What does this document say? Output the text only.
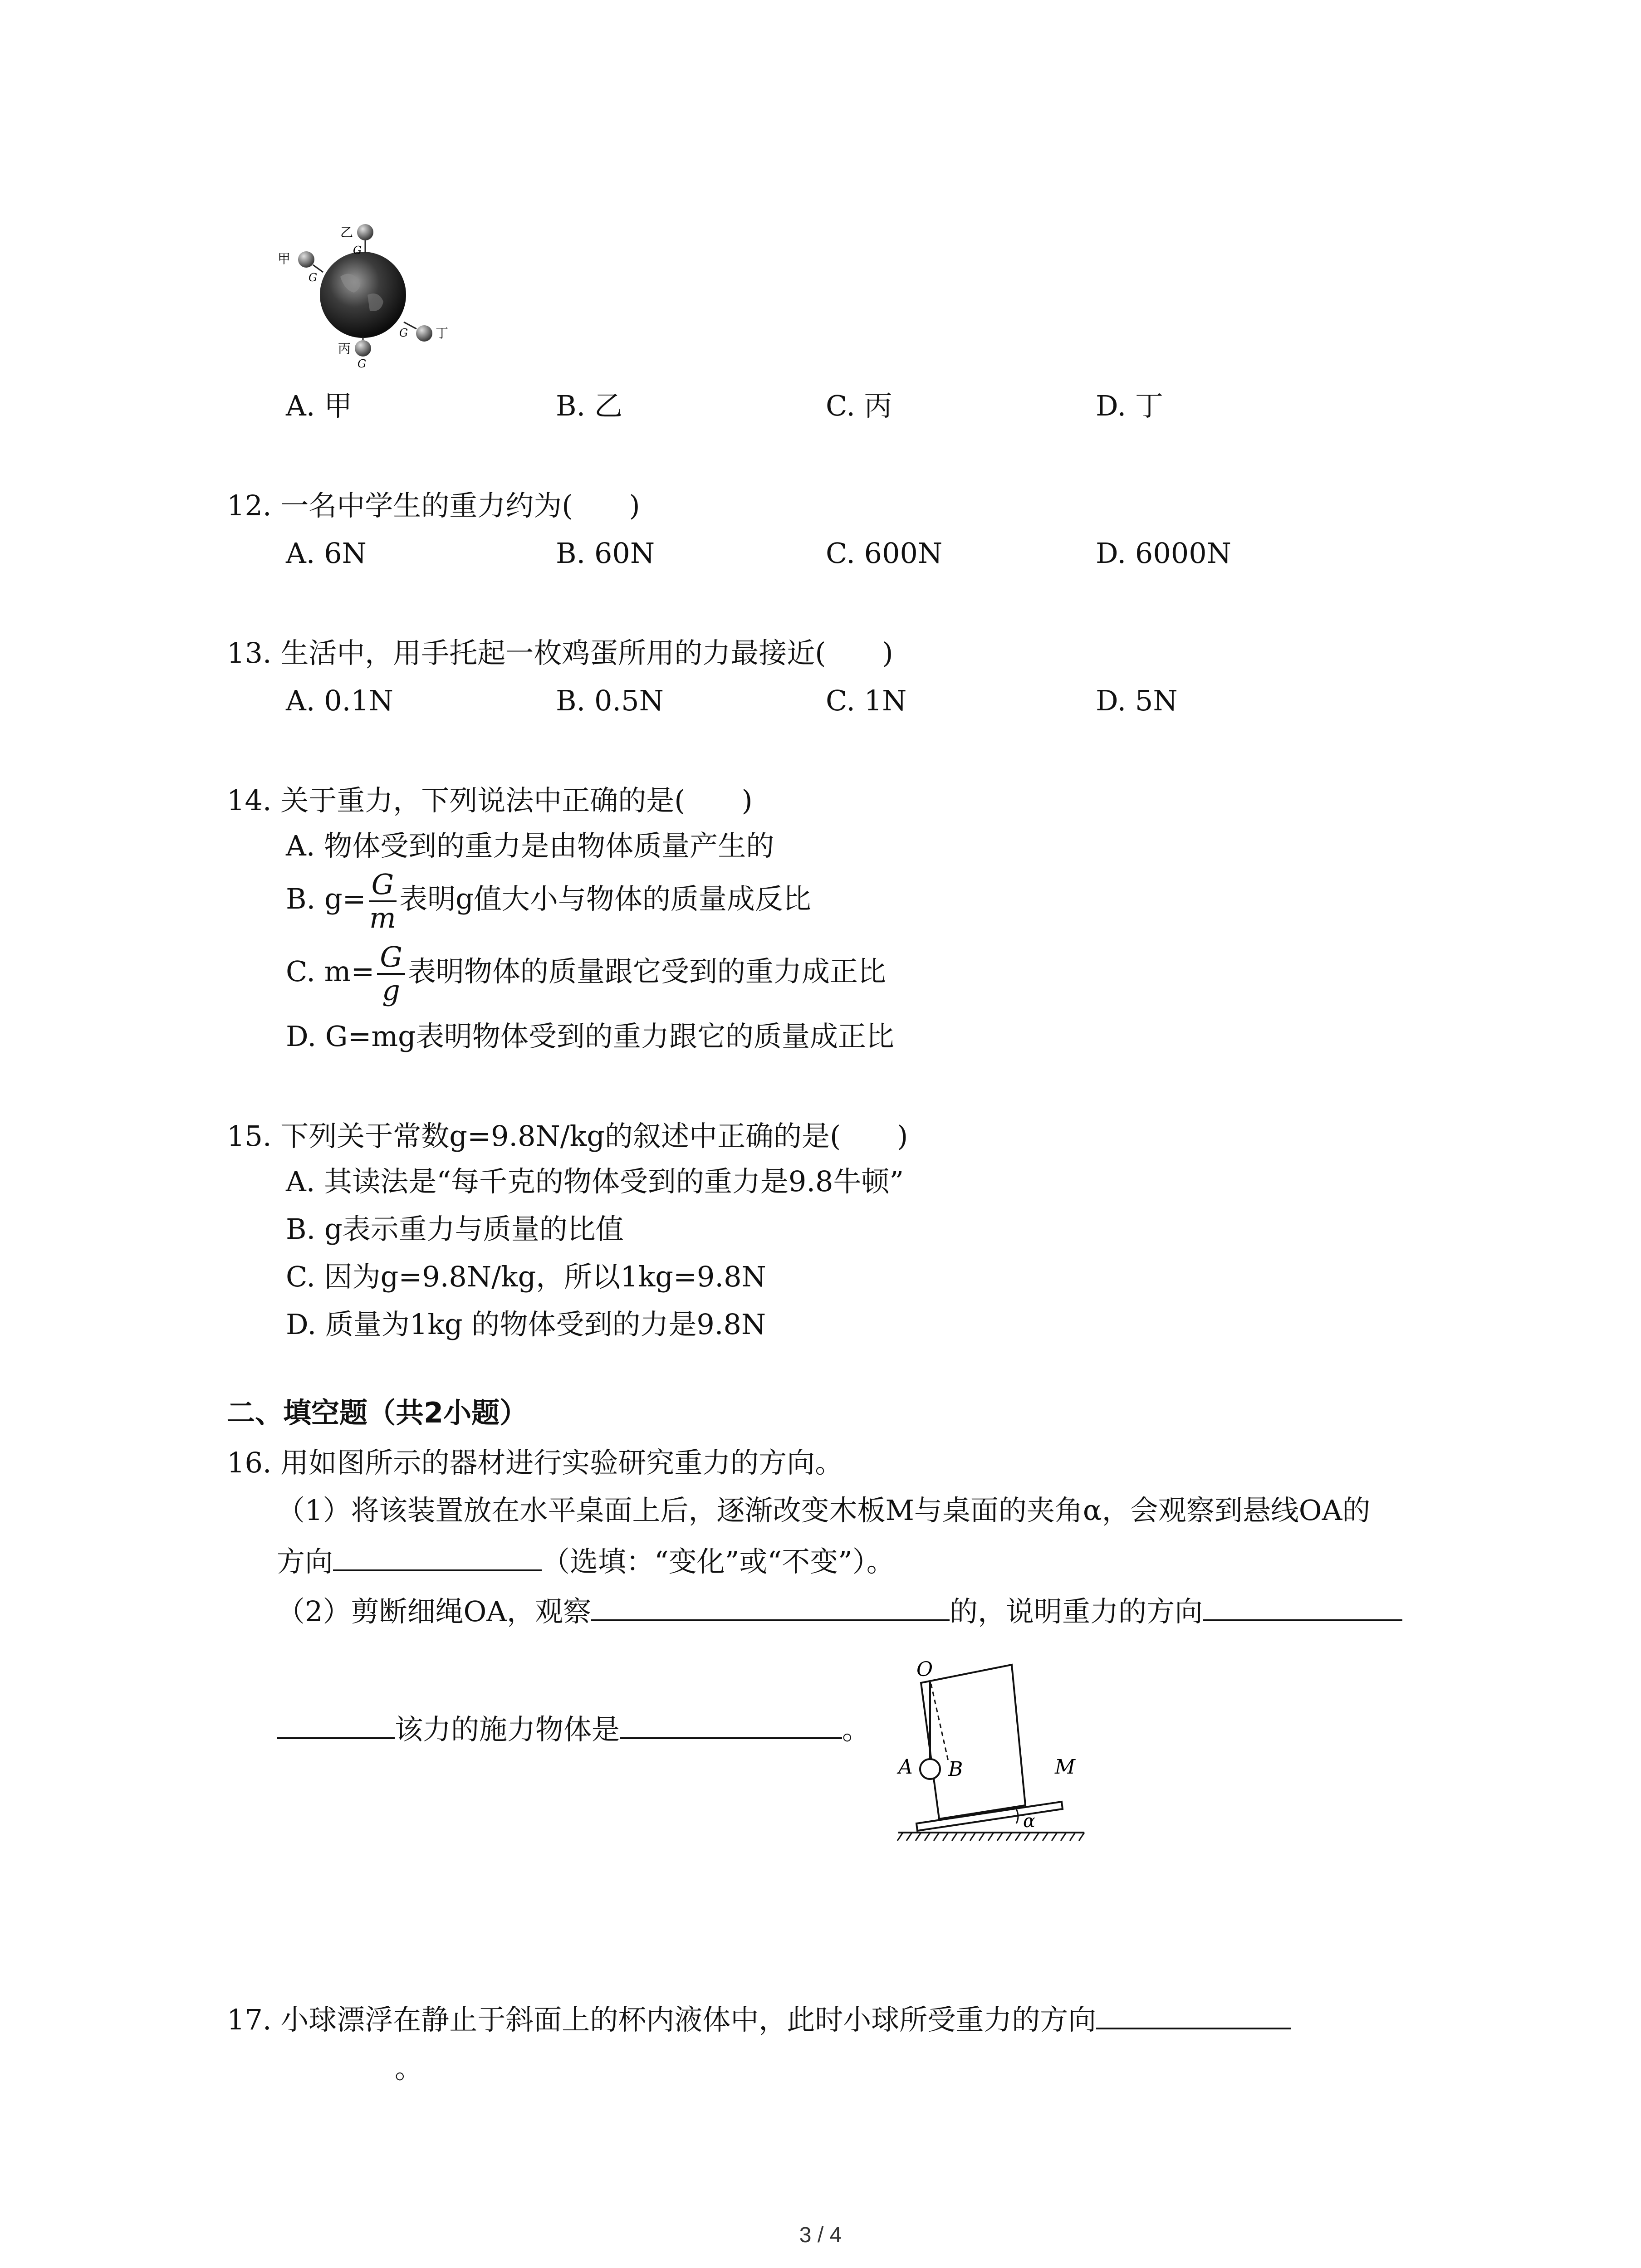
乙
G
甲
G
丙
G
丁
G
A. 甲	B. 乙	C. 丙	D. 丁
12. 一名中学生的重力约为(　　)
A. 6N	B. 60N	C. 600N	D. 6000N
13. 生活中，用手托起一枚鸡蛋所用的力最接近(　　)
A. 0.1N	B. 0.5N	C. 1N	D. 5N
14. 关于重力，下列说法中正确的是(　　)
A. 物体受到的重力是由物体质量产生的
B. $g= \frac{G}{m}$ 表明g值大小与物体的质量成反比
C. $m= \frac{G}{g}$ 表明物体的质量跟它受到的重力成正比
D. G=mg表明物体受到的重力跟它的质量成正比
15. 下列关于常数g=9.8N/kg的叙述中正确的是(　　)
A. 其读法是“每千克的物体受到的重力是9.8牛顿”
B. g表示重力与质量的比值
C. 因为g=9.8N/kg，所以1kg=9.8N
D. 质量为1kg 的物体受到的力是9.8N
二、填空题（共2小题）
16. 用如图所示的器材进行实验研究重力的方向。
（1）将该装置放在水平桌面上后，逐渐改变木板M与桌面的夹角α，会观察到悬线OA的
方向	（选填：“变化”或“不变”）。
（2）剪断细绳OA，观察	的，说明重力的方向
该力的施力物体是	。
α
O
A B	M
17. 小球漂浮在静止于斜面上的杯内液体中，此时小球所受重力的方向
。
3 / 4
